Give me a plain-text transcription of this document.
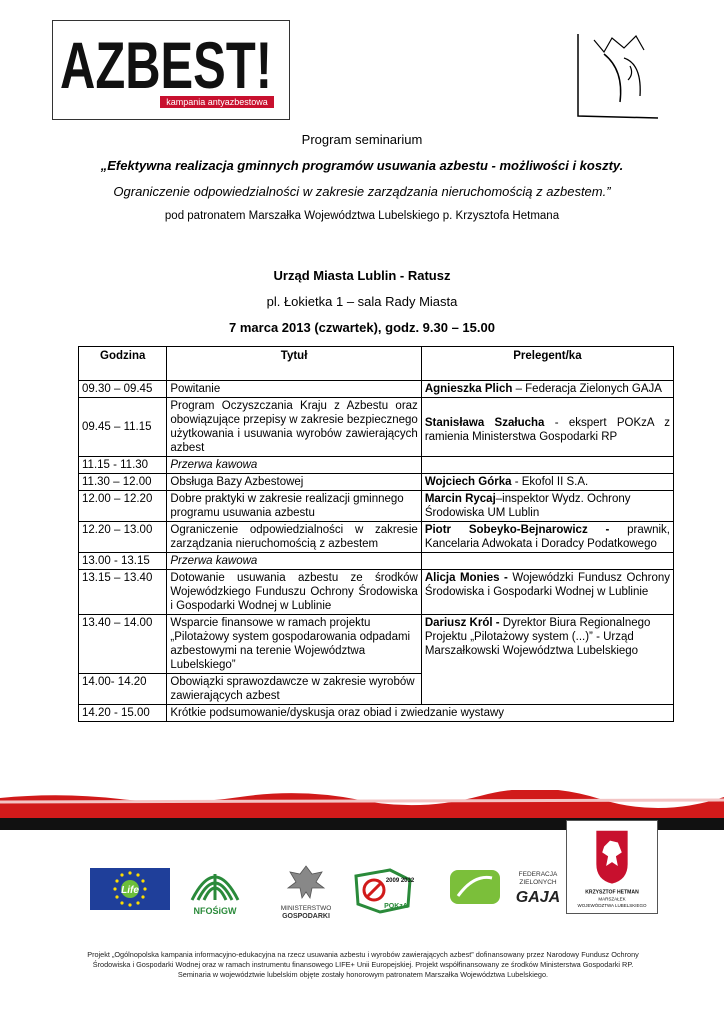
AZBEST!
kampania antyazbestowa
Program seminarium
„Efektywna realizacja gminnych programów usuwania azbestu - możliwości i koszty.
Ograniczenie odpowiedzialności w zakresie zarządzania nieruchomością z azbestem.”
pod patronatem Marszałka Województwa Lubelskiego p. Krzysztofa Hetmana
Urząd Miasta Lublin - Ratusz
pl. Łokietka 1 – sala Rady Miasta
7 marca 2013 (czwartek), godz. 9.30 – 15.00
Godzina	Tytuł	Prelegent/ka
09.30 – 09.45	Powitanie	Agnieszka Plich – Federacja Zielonych GAJA
09.45 – 11.15	Program Oczyszczania Kraju z Azbestu oraz obowiązujące przepisy w zakresie bezpiecznego użytkowania i usuwania wyrobów zawierających azbest	Stanisława Szałucha - ekspert POKzA z ramienia Ministerstwa Gospodarki RP
11.15 - 11.30	Przerwa kawowa	
11.30 – 12.00	Obsługa Bazy Azbestowej	Wojciech Górka - Ekofol II S.A.
12.00 – 12.20	Dobre praktyki w zakresie realizacji gminnego programu usuwania azbestu	Marcin Rycaj–inspektor Wydz. Ochrony Środowiska UM Lublin
12.20 – 13.00	Ograniczenie odpowiedzialności w zakresie zarządzania nieruchomością z azbestem	Piotr Sobeyko-Bejnarowicz - prawnik, Kancelaria Adwokata i Doradcy Podatkowego
13.00 - 13.15	Przerwa kawowa	
13.15 – 13.40	Dotowanie usuwania azbestu ze środków Wojewódzkiego Funduszu Ochrony Środowiska i Gospodarki Wodnej w Lublinie	Alicja Monies - Wojewódzki Fundusz Ochrony Środowiska i Gospodarki Wodnej w Lublinie
13.40 – 14.00	Wsparcie finansowe w ramach projektu „Pilotażowy system gospodarowania odpadami azbestowymi na terenie Województwa Lubelskiego”	Dariusz Król - Dyrektor Biura Regionalnego Projektu „Pilotażowy system (...)” - Urząd Marszałkowski Województwa Lubelskiego
14.00- 14.20	Obowiązki sprawozdawcze w zakresie wyrobów zawierających azbest	
14.20 - 15.00	Krótkie podsumowanie/dyskusja oraz obiad i zwiedzanie wystawy	
Life
NFOŚiGW	MINISTERSTWO
GOSPODARKI
2009 2032
POKzA
FEDERACJA
ZIELONYCH
GAJA	KRZYSZTOF HETMAN
MARSZAŁEK
WOJEWÓDZTWA LUBELSKIEGO
Projekt „Ogólnopolska kampania informacyjno-edukacyjna na rzecz usuwania azbestu i wyrobów zawierających azbest” dofinansowany przez Narodowy Fundusz Ochrony Środowiska i Gospodarki Wodnej oraz w ramach instrumentu finansowego LIFE+ Unii Europejskiej. Projekt współfinansowany ze środków Ministerstwa Gospodarki RP. Seminaria w województwie lubelskim objęte zostały honorowym patronatem Marszałka Województwa Lubelskiego.
